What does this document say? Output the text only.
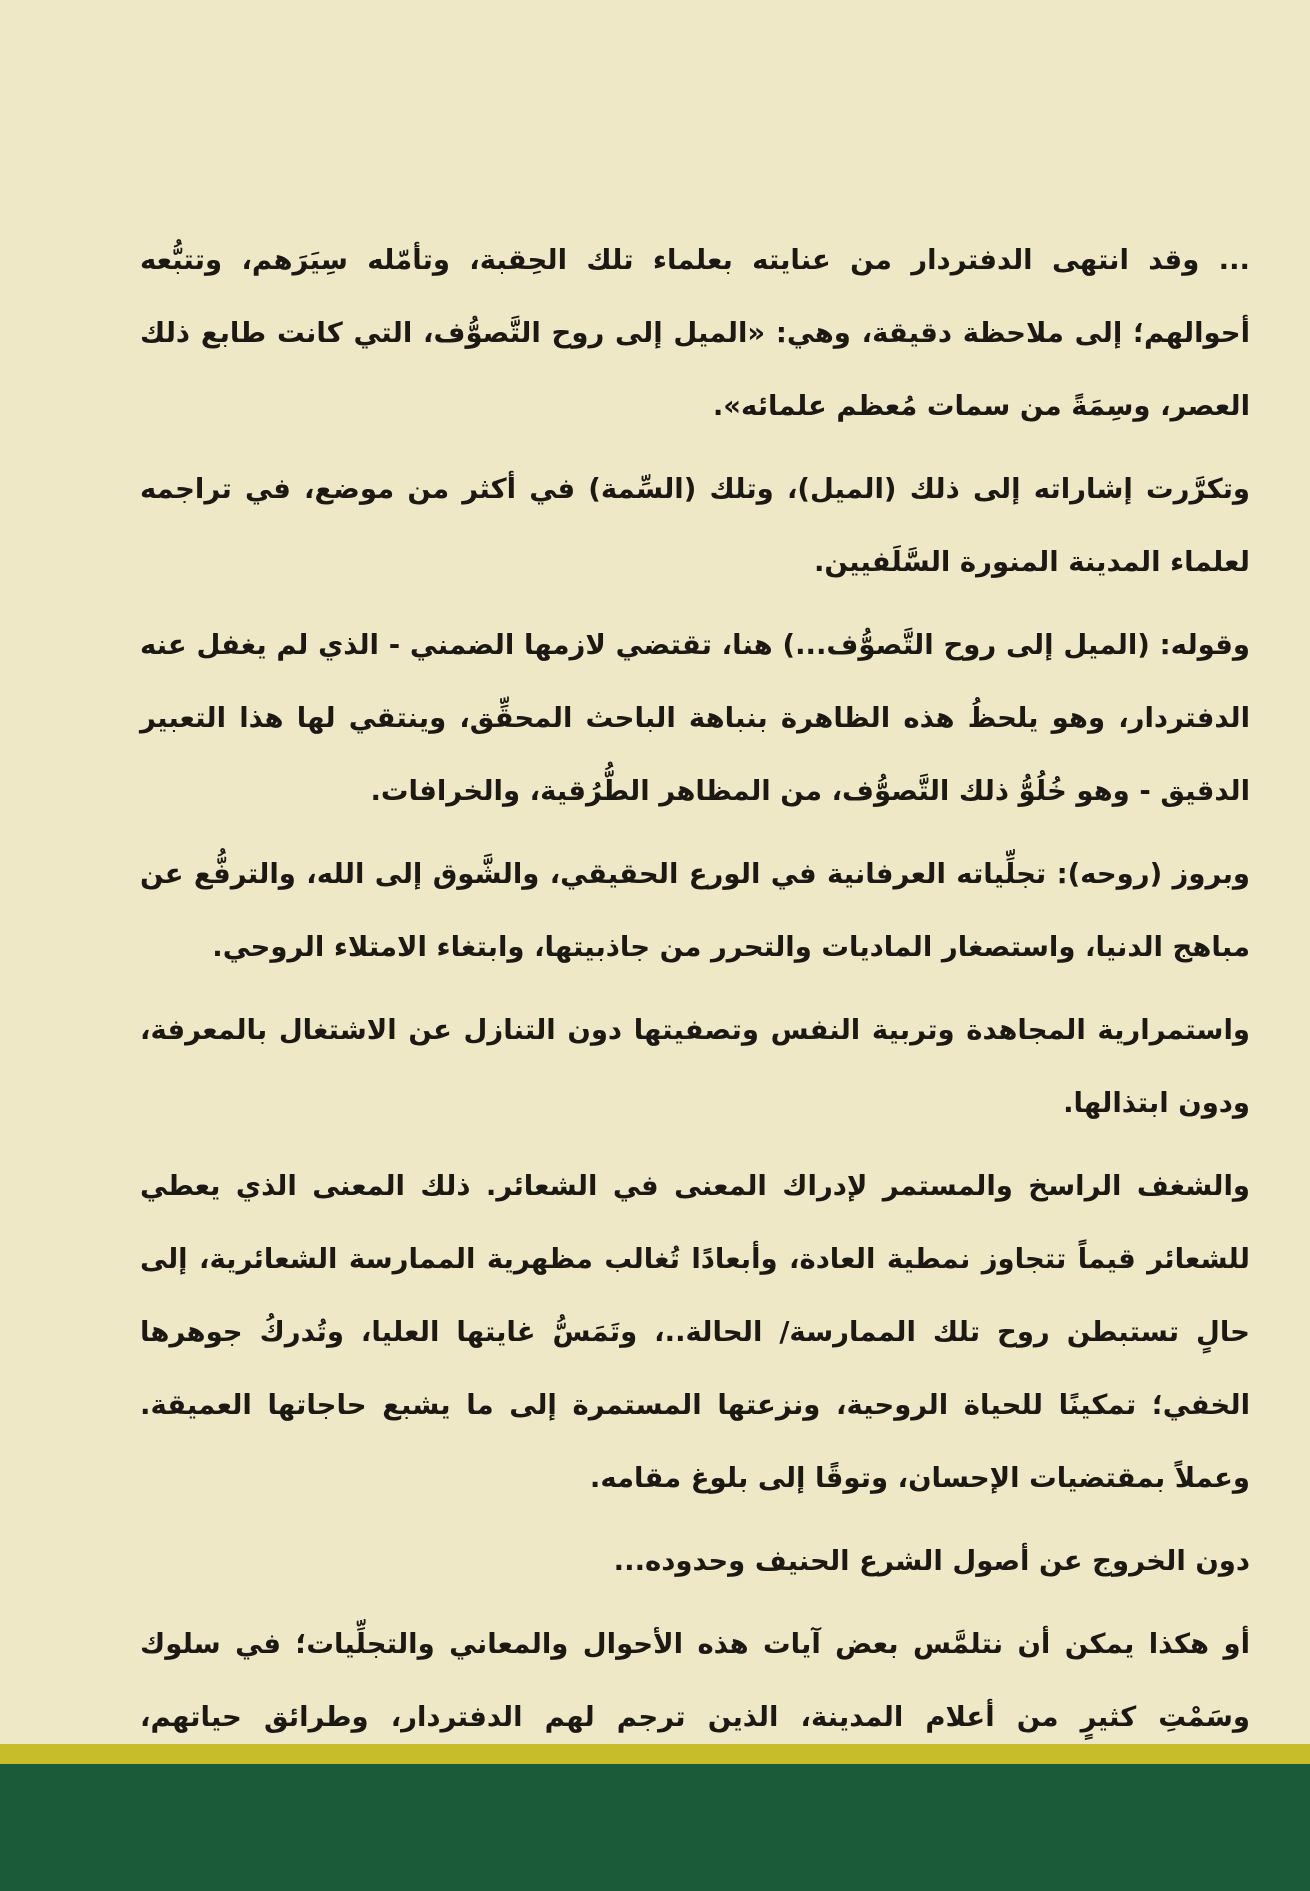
... وقد انتهى الدفتردار من عنايته بعلماء تلك الحِقبة، وتأمّله سِيَرَهم، وتتبُّعه أحوالهم؛ إلى ملاحظة دقيقة، وهي: «الميل إلى روح التَّصوُّف، التي كانت طابع ذلك العصر، وسِمَةً من سمات مُعظم علمائه».

وتكرَّرت إشاراته إلى ذلك (الميل)، وتلك (السِّمة) في أكثر من موضع، في تراجمه لعلماء المدينة المنورة السَّلَفيين.

وقوله: (الميل إلى روح التَّصوُّف...) هنا، تقتضي لازمها الضمني - الذي لم يغفل عنه الدفتردار، وهو يلحظُ هذه الظاهرة بنباهة الباحث المحقِّق، وينتقي لها هذا التعبير الدقيق - وهو خُلُوُّ ذلك التَّصوُّف، من المظاهر الطُّرُقية، والخرافات.

وبروز (روحه): تجلِّياته العرفانية في الورع الحقيقي، والشَّوق إلى الله، والترفُّع عن مباهج الدنيا، واستصغار الماديات والتحرر من جاذبيتها، وابتغاء الامتلاء الروحي.

واستمرارية المجاهدة وتربية النفس وتصفيتها دون التنازل عن الاشتغال بالمعرفة، ودون ابتذالها.

والشغف الراسخ والمستمر لإدراك المعنى في الشعائر. ذلك المعنى الذي يعطي للشعائر قيماً تتجاوز نمطية العادة، وأبعادًا تُغالب مظهرية الممارسة الشعائرية، إلى حالٍ تستبطن روح تلك الممارسة/ الحالة..، وتَمَسُّ غايتها العليا، وتُدركُ جوهرها الخفي؛ تمكينًا للحياة الروحية، ونزعتها المستمرة إلى ما يشبع حاجاتها العميقة. وعملاً بمقتضيات الإحسان، وتوقًا إلى بلوغ مقامه.

دون الخروج عن أصول الشرع الحنيف وحدوده...

أو هكذا يمكن أن نتلمَّس بعض آيات هذه الأحوال والمعاني والتجلِّيات؛ في سلوك وسَمْتِ كثيرٍ من أعلام المدينة، الذين ترجم لهم الدفتردار، وطرائق حياتهم،
